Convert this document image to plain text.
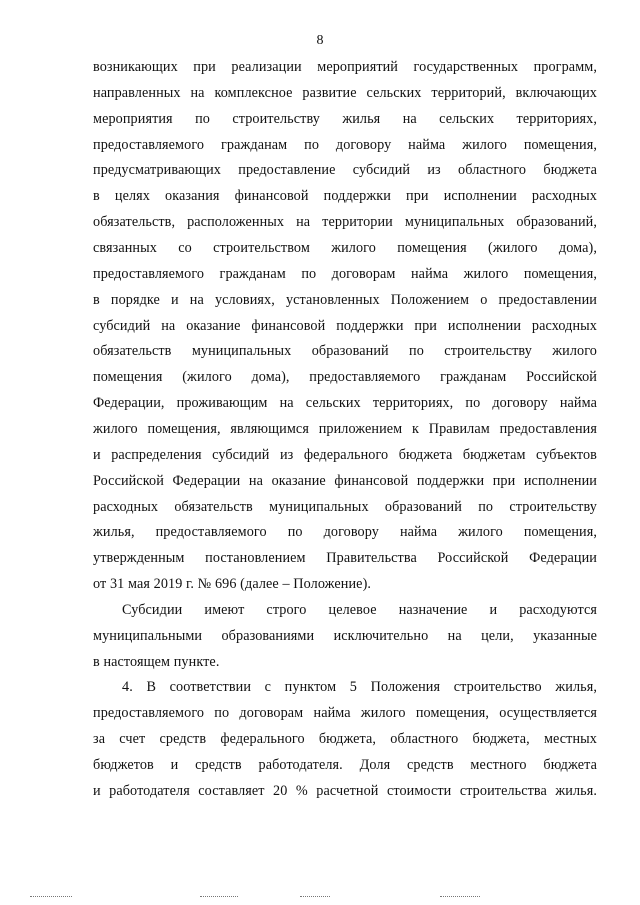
8
возникающих при реализации мероприятий государственных программ,
направленных на комплексное развитие сельских территорий, включающих
мероприятия по строительству жилья на сельских территориях,
предоставляемого гражданам по договору найма жилого помещения,
предусматривающих предоставление субсидий из областного бюджета
в целях оказания финансовой поддержки при исполнении расходных
обязательств, расположенных на территории муниципальных образований,
связанных со строительством жилого помещения (жилого дома),
предоставляемого гражданам по договорам найма жилого помещения,
в порядке и на условиях, установленных Положением о предоставлении
субсидий на оказание финансовой поддержки при исполнении расходных
обязательств муниципальных образований по строительству жилого
помещения (жилого дома), предоставляемого гражданам Российской
Федерации, проживающим на сельских территориях, по договору найма
жилого помещения, являющимся приложением к Правилам предоставления
и распределения субсидий из федерального бюджета бюджетам субъектов
Российской Федерации на оказание финансовой поддержки при исполнении
расходных обязательств муниципальных образований по строительству
жилья, предоставляемого по договору найма жилого помещения,
утвержденным постановлением Правительства Российской Федерации
от 31 мая 2019 г. № 696 (далее – Положение).
Субсидии имеют строго целевое назначение и расходуются
муниципальными образованиями исключительно на цели, указанные
в настоящем пункте.
4. В соответствии с пунктом 5 Положения строительство жилья,
предоставляемого по договорам найма жилого помещения, осуществляется
за счет средств федерального бюджета, областного бюджета, местных
бюджетов и средств работодателя. Доля средств местного бюджета
и работодателя составляет 20 % расчетной стоимости строительства жилья.
